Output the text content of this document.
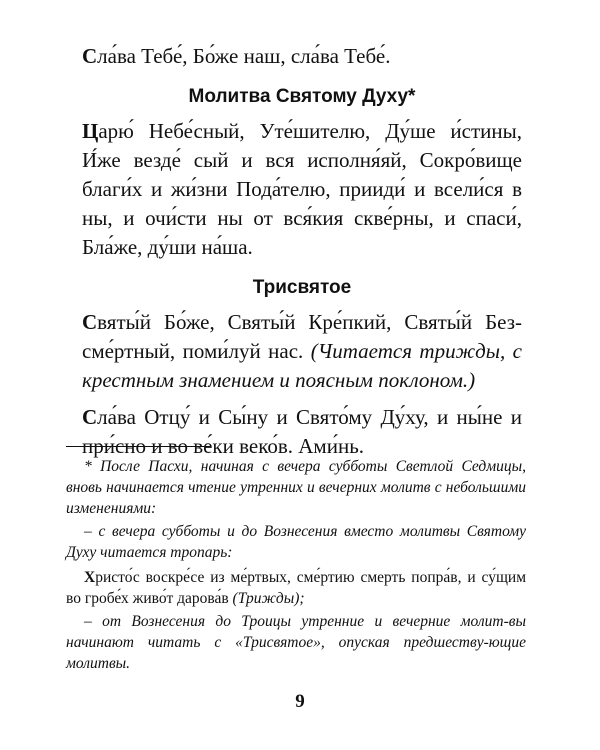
Сла́ва Тебе́, Бо́же наш, сла́ва Тебе́.

Молитва Святому Духу*

Царю́ Небе́сный, Уте́шителю, Ду́ше и́стины, И́же везде́ сый и вся исполня́яй, Сокро́вище благи́х и жи́зни Пода́телю, прииди́ и всели́ся в ны, и очи́сти ны от вся́кия скве́рны, и спаси́, Бла́же, ду́ши на́ша.

Трисвятое

Святы́й Бо́же, Святы́й Кре́пкий, Святы́й Без-сме́ртный, поми́луй нас. (Читается трижды, с крестным знамением и поясным поклоном.)

Сла́ва Отцу́ и Сы́ну и Свято́му Ду́ху, и ны́не и при́сно и во ве́ки веко́в. Ами́нь.

* После Пасхи, начиная с вечера субботы Светлой Седмицы, вновь начинается чтение утренних и вечерних молитв с небольшими изменениями:

– с вечера субботы и до Вознесения вместо молитвы Святому Духу читается тропарь:

Христо́с воскре́се из ме́ртвых, сме́ртию смерть попра́в, и су́щим во гробе́х живо́т дарова́в (Трижды);

– от Вознесения до Троицы утренние и вечерние молит-вы начинают читать с «Трисвятое», опуская предшеству-ющие молитвы.

9
